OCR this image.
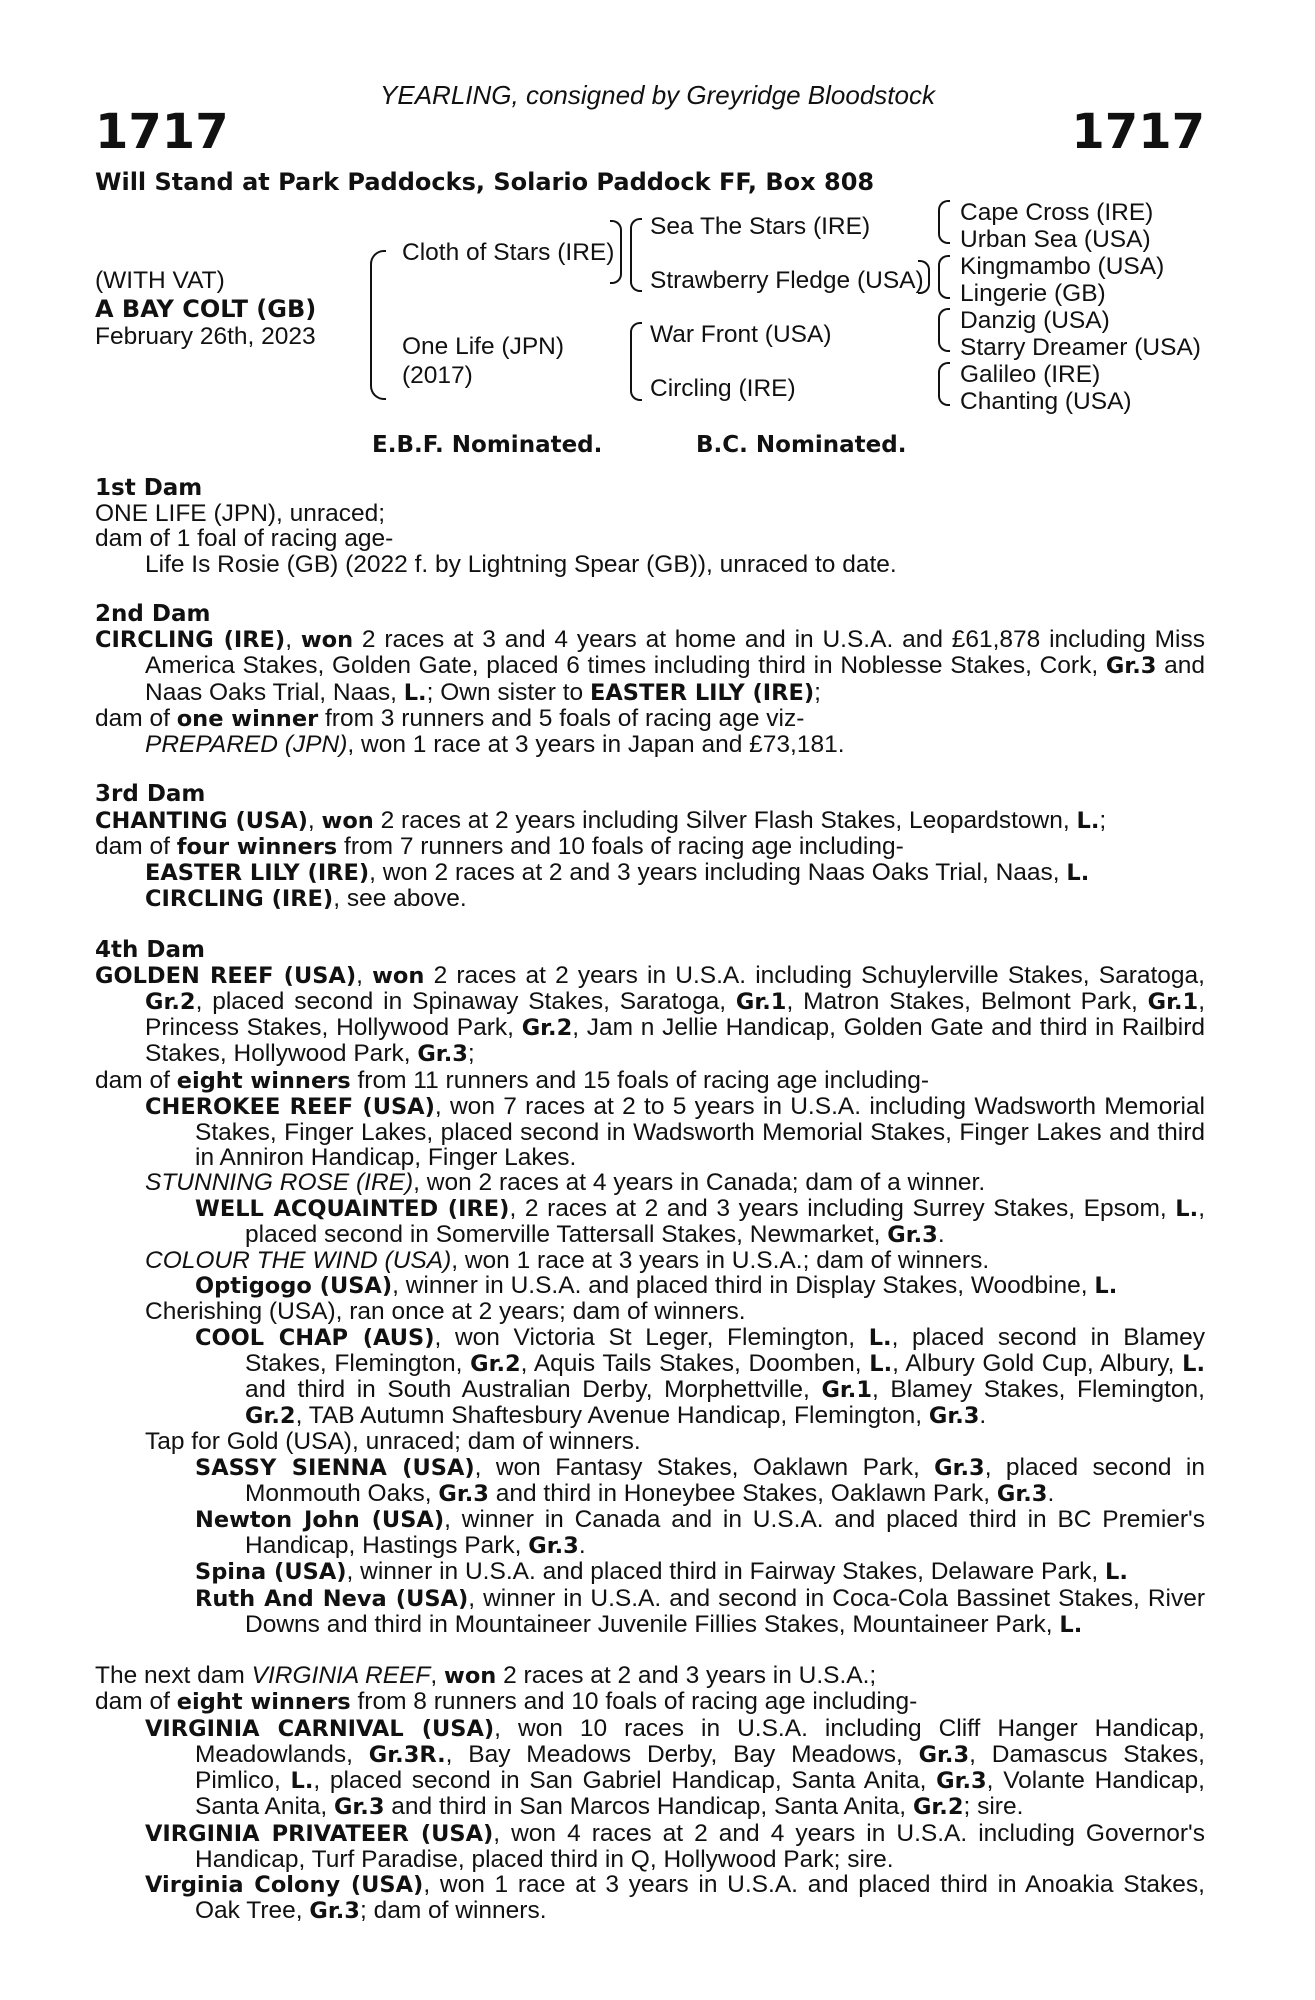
YEARLING, consigned by Greyridge Bloodstock
1717	1717
Will Stand at Park Paddocks, Solario Paddock FF, Box 808
(WITH VAT)
A BAY COLT (GB)
February 26th, 2023
Cloth of Stars (IRE)
One Life (JPN)
(2017)
Sea The Stars (IRE)
Strawberry Fledge (USA)
War Front (USA)
Circling (IRE)
Cape Cross (IRE)
Urban Sea (USA)
Kingmambo (USA)
Lingerie (GB)
Danzig (USA)
Starry Dreamer (USA)
Galileo (IRE)
Chanting (USA)
E.B.F. Nominated.	B.C. Nominated.
1st Dam
ONE LIFE (JPN), unraced;
dam of 1 foal of racing age-
Life Is Rosie (GB) (2022 f. by Lightning Spear (GB)), unraced to date.
2nd Dam
CIRCLING (IRE), won 2 races at 3 and 4 years at home and in U.S.A. and £61,878 including Miss America Stakes, Golden Gate, placed 6 times including third in Noblesse Stakes, Cork, Gr.3 and Naas Oaks Trial, Naas, L.; Own sister to EASTER LILY (IRE);
dam of one winner from 3 runners and 5 foals of racing age viz-
PREPARED (JPN), won 1 race at 3 years in Japan and £73,181.
3rd Dam
CHANTING (USA), won 2 races at 2 years including Silver Flash Stakes, Leopardstown, L.;
dam of four winners from 7 runners and 10 foals of racing age including-
EASTER LILY (IRE), won 2 races at 2 and 3 years including Naas Oaks Trial, Naas, L.
CIRCLING (IRE), see above.
4th Dam
GOLDEN REEF (USA), won 2 races at 2 years in U.S.A. including Schuylerville Stakes, Saratoga, Gr.2, placed second in Spinaway Stakes, Saratoga, Gr.1, Matron Stakes, Belmont Park, Gr.1, Princess Stakes, Hollywood Park, Gr.2, Jam n Jellie Handicap, Golden Gate and third in Railbird Stakes, Hollywood Park, Gr.3;
dam of eight winners from 11 runners and 15 foals of racing age including-
CHEROKEE REEF (USA), won 7 races at 2 to 5 years in U.S.A. including Wadsworth Memorial Stakes, Finger Lakes, placed second in Wadsworth Memorial Stakes, Finger Lakes and third in Anniron Handicap, Finger Lakes.
STUNNING ROSE (IRE), won 2 races at 4 years in Canada; dam of a winner.
WELL ACQUAINTED (IRE), 2 races at 2 and 3 years including Surrey Stakes, Epsom, L., placed second in Somerville Tattersall Stakes, Newmarket, Gr.3.
COLOUR THE WIND (USA), won 1 race at 3 years in U.S.A.; dam of winners.
Optigogo (USA), winner in U.S.A. and placed third in Display Stakes, Woodbine, L.
Cherishing (USA), ran once at 2 years; dam of winners.
COOL CHAP (AUS), won Victoria St Leger, Flemington, L., placed second in Blamey Stakes, Flemington, Gr.2, Aquis Tails Stakes, Doomben, L., Albury Gold Cup, Albury, L. and third in South Australian Derby, Morphettville, Gr.1, Blamey Stakes, Flemington, Gr.2, TAB Autumn Shaftesbury Avenue Handicap, Flemington, Gr.3.
Tap for Gold (USA), unraced; dam of winners.
SASSY SIENNA (USA), won Fantasy Stakes, Oaklawn Park, Gr.3, placed second in Monmouth Oaks, Gr.3 and third in Honeybee Stakes, Oaklawn Park, Gr.3.
Newton John (USA), winner in Canada and in U.S.A. and placed third in BC Premier's Handicap, Hastings Park, Gr.3.
Spina (USA), winner in U.S.A. and placed third in Fairway Stakes, Delaware Park, L.
Ruth And Neva (USA), winner in U.S.A. and second in Coca-Cola Bassinet Stakes, River Downs and third in Mountaineer Juvenile Fillies Stakes, Mountaineer Park, L.
The next dam VIRGINIA REEF, won 2 races at 2 and 3 years in U.S.A.;
dam of eight winners from 8 runners and 10 foals of racing age including-
VIRGINIA CARNIVAL (USA), won 10 races in U.S.A. including Cliff Hanger Handicap, Meadowlands, Gr.3R., Bay Meadows Derby, Bay Meadows, Gr.3, Damascus Stakes, Pimlico, L., placed second in San Gabriel Handicap, Santa Anita, Gr.3, Volante Handicap, Santa Anita, Gr.3 and third in San Marcos Handicap, Santa Anita, Gr.2; sire.
VIRGINIA PRIVATEER (USA), won 4 races at 2 and 4 years in U.S.A. including Governor's Handicap, Turf Paradise, placed third in Q, Hollywood Park; sire.
Virginia Colony (USA), won 1 race at 3 years in U.S.A. and placed third in Anoakia Stakes, Oak Tree, Gr.3; dam of winners.
